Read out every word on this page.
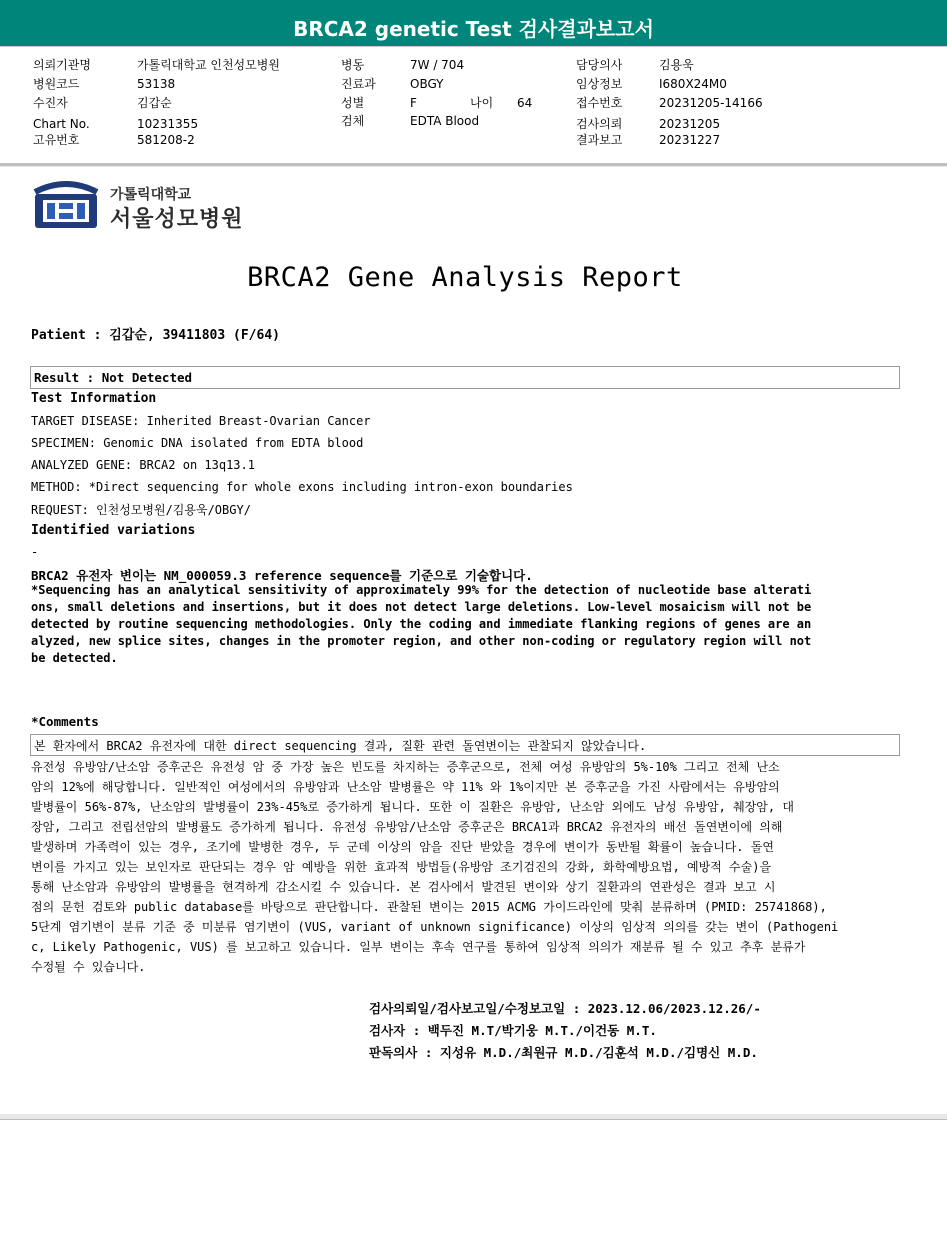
BRCA2 genetic Test 검사결과보고서
의뢰기관명	가톨릭대학교 인천성모병원
병원코드	53138
수진자	김갑순
Chart No.	10231355
고유번호	581208-2
병동	7W / 704
진료과	OBGY
성별	F	나이 64
검체	EDTA Blood
담당의사	김용욱
임상정보	I680X24M0
접수번호	20231205-14166
검사의뢰	20231205
결과보고	20231227
가톨릭대학교
서울성모병원
BRCA2 Gene Analysis Report
Patient : 김갑순, 39411803 (F/64)
Result : Not Detected
Test Information
TARGET DISEASE: Inherited Breast-Ovarian Cancer
SPECIMEN: Genomic DNA isolated from EDTA blood
ANALYZED GENE: BRCA2 on 13q13.1
METHOD: *Direct sequencing for whole exons including intron-exon boundaries
REQUEST: 인천성모병원/김용욱/OBGY/
Identified variations
-
BRCA2 유전자 변이는 NM_000059.3 reference sequence를 기준으로 기술합니다.
*Sequencing has an analytical sensitivity of approximately 99% for the detection of nucleotide base alterati
ons, small deletions and insertions, but it does not detect large deletions. Low-level mosaicism will not be
detected by routine sequencing methodologies. Only the coding and immediate flanking regions of genes are an
alyzed, new splice sites, changes in the promoter region, and other non-coding or regulatory region will not
be detected.
*Comments
본 환자에서 BRCA2 유전자에 대한 direct sequencing 결과, 질환 관련 돌연변이는 관찰되지 않았습니다.
유전성 유방암/난소암 증후군은 유전성 암 중 가장 높은 빈도를 차지하는 증후군으로, 전체 여성 유방암의 5%-10% 그리고 전체 난소
암의 12%에 해당합니다. 일반적인 여성에서의 유방암과 난소암 발병률은 약 11% 와 1%이지만 본 증후군을 가진 사람에서는 유방암의
발병률이 56%-87%, 난소암의 발병률이 23%-45%로 증가하게 됩니다. 또한 이 질환은 유방암, 난소암 외에도 남성 유방암, 췌장암, 대
장암, 그리고 전립선암의 발병률도 증가하게 됩니다. 유전성 유방암/난소암 증후군은 BRCA1과 BRCA2 유전자의 배선 돌연변이에 의해
발생하며 가족력이 있는 경우, 조기에 발병한 경우, 두 군데 이상의 암을 진단 받았을 경우에 변이가 동반될 확률이 높습니다. 돌연
변이를 가지고 있는 보인자로 판단되는 경우 암 예방을 위한 효과적 방법들(유방암 조기검진의 강화, 화학예방요법, 예방적 수술)을
통해 난소암과 유방암의 발병률을 현격하게 감소시킬 수 있습니다. 본 검사에서 발견된 변이와 상기 질환과의 연관성은 결과 보고 시
점의 문헌 검토와 public database를 바탕으로 판단합니다. 관찰된 변이는 2015 ACMG 가이드라인에 맞춰 분류하며 (PMID: 25741868),
5단계 염기변이 분류 기준 중 미분류 염기변이 (VUS, variant of unknown significance) 이상의 임상적 의의를 갖는 변이 (Pathogeni
c, Likely Pathogenic, VUS) 를 보고하고 있습니다. 일부 변이는 후속 연구를 통하여 임상적 의의가 재분류 될 수 있고 추후 분류가
수정될 수 있습니다.
검사의뢰일/검사보고일/수정보고일 : 2023.12.06/2023.12.26/-
검사자 : 백두진 M.T/박기웅 M.T./이건동 M.T.
판독의사 : 지성유 M.D./최원규 M.D./김훈석 M.D./김명신 M.D.
